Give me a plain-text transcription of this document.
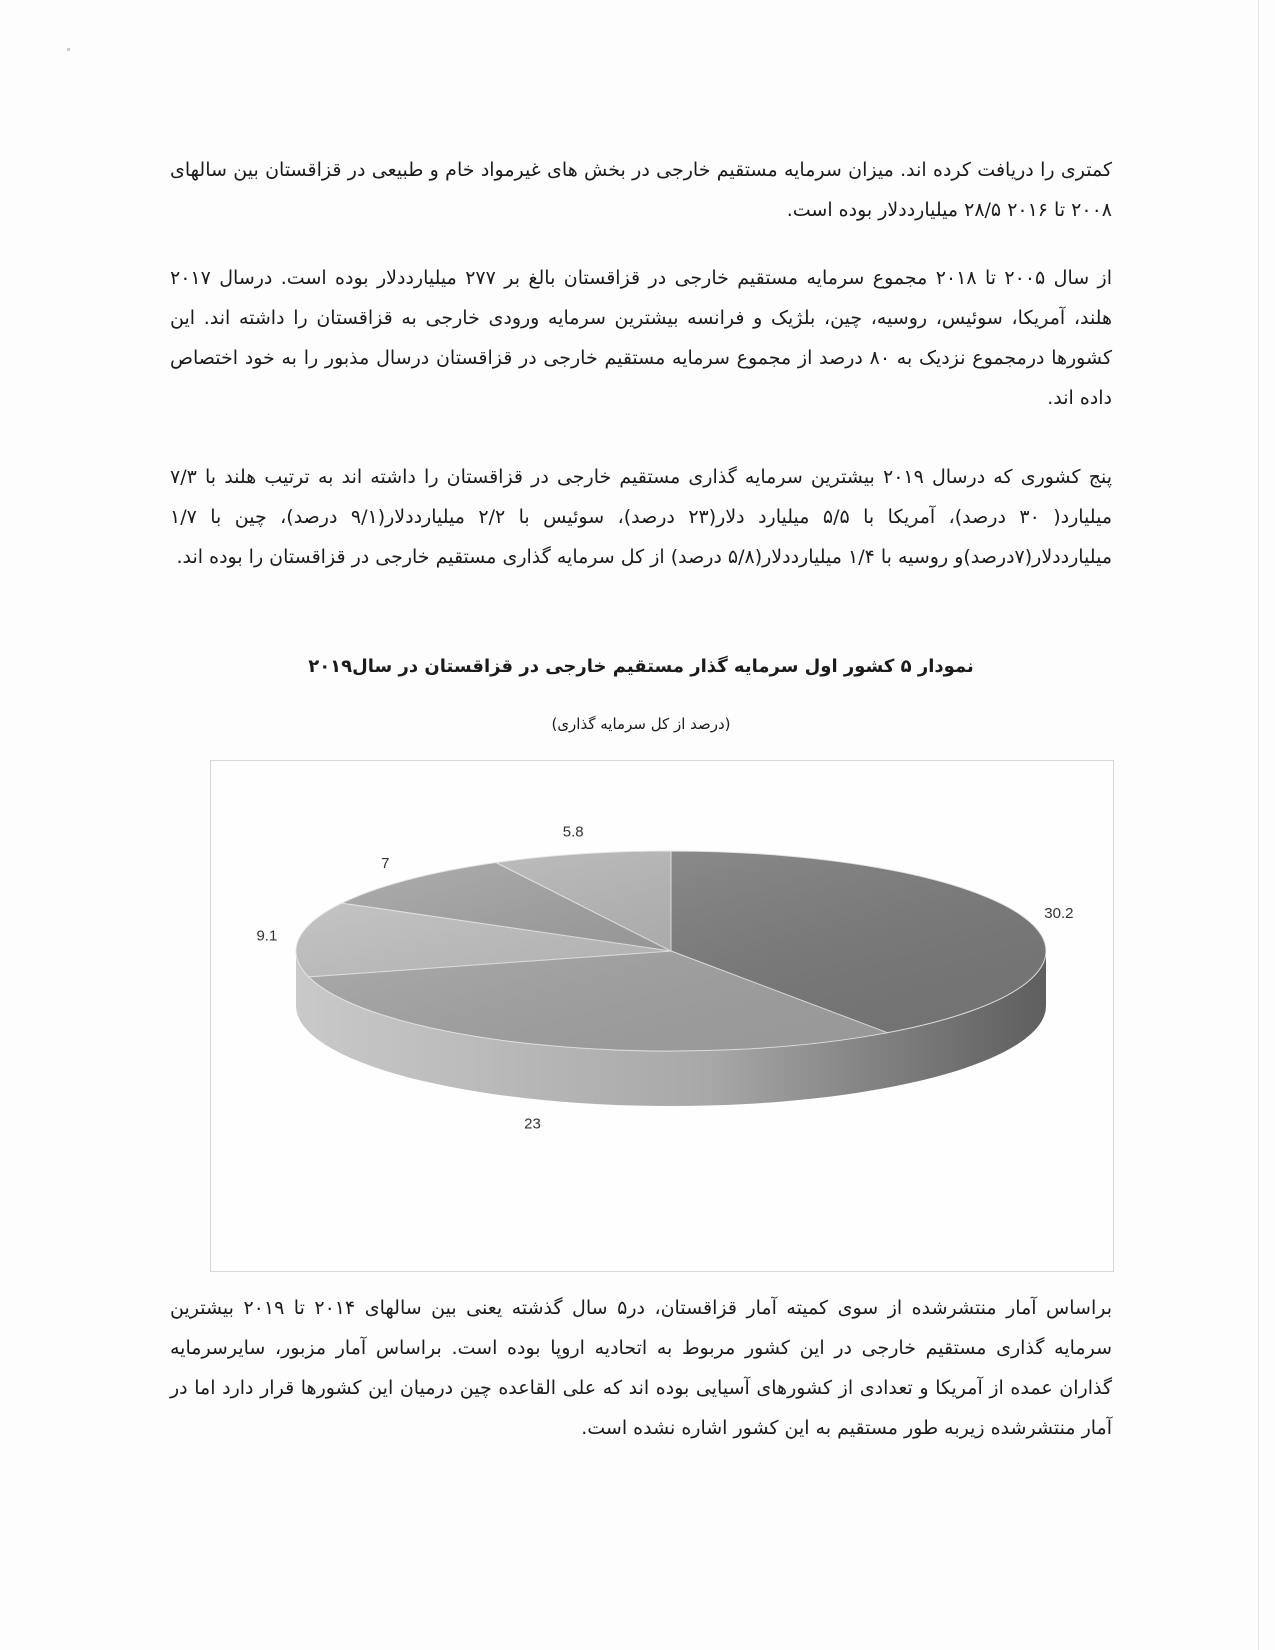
کمتری را دریافت کرده اند. میزان سرمایه مستقیم خارجی در بخش های غیرمواد خام و طبیعی در قزاقستان بین سالهای ۲۰۰۸ تا ۲۰۱۶ ۲۸/۵ میلیارددلار بوده است.

از سال ۲۰۰۵ تا ۲۰۱۸ مجموع سرمایه مستقیم خارجی در قزاقستان بالغ بر ۲۷۷ میلیارددلار بوده است. درسال ۲۰۱۷ هلند، آمریکا، سوئیس، روسیه، چین، بلژیک و فرانسه بیشترین سرمایه ورودی خارجی به قزاقستان را داشته اند. این کشورها درمجموع نزدیک به ۸۰ درصد از مجموع سرمایه مستقیم خارجی در قزاقستان درسال مذبور را به خود اختصاص داده اند.

پنج کشوری که درسال ۲۰۱۹ بیشترین سرمایه گذاری مستقیم خارجی در قزاقستان را داشته اند به ترتیب هلند با ۷/۳ میلیارد( ۳۰ درصد)، آمریکا با ۵/۵ میلیارد دلار(۲۳ درصد)، سوئیس با ۲/۲ میلیارددلار(۹/۱ درصد)، چین با ۱/۷ میلیارددلار(۷درصد)و روسیه با ۱/۴ میلیارددلار(۵/۸ درصد) از کل سرمایه گذاری مستقیم خارجی در قزاقستان را بوده اند.

نمودار ۵ کشور اول سرمایه گذار مستقیم خارجی در قزاقستان در سال۲۰۱۹
(درصد از کل سرمایه گذاری)
30.2
23
9.1
7
5.8

براساس آمار منتشرشده از سوی کمیته آمار قزاقستان، در۵ سال گذشته یعنی بین سالهای ۲۰۱۴ تا ۲۰۱۹ بیشترین سرمایه گذاری مستقیم خارجی در این کشور مربوط به اتحادیه اروپا بوده است. براساس آمار مزبور، سایرسرمایه گذاران عمده از آمریکا و تعدادی از کشورهای آسیایی بوده اند که علی القاعده چین درمیان این کشورها قرار دارد اما در آمار منتشرشده زیربه طور مستقیم به این کشور اشاره نشده است.
